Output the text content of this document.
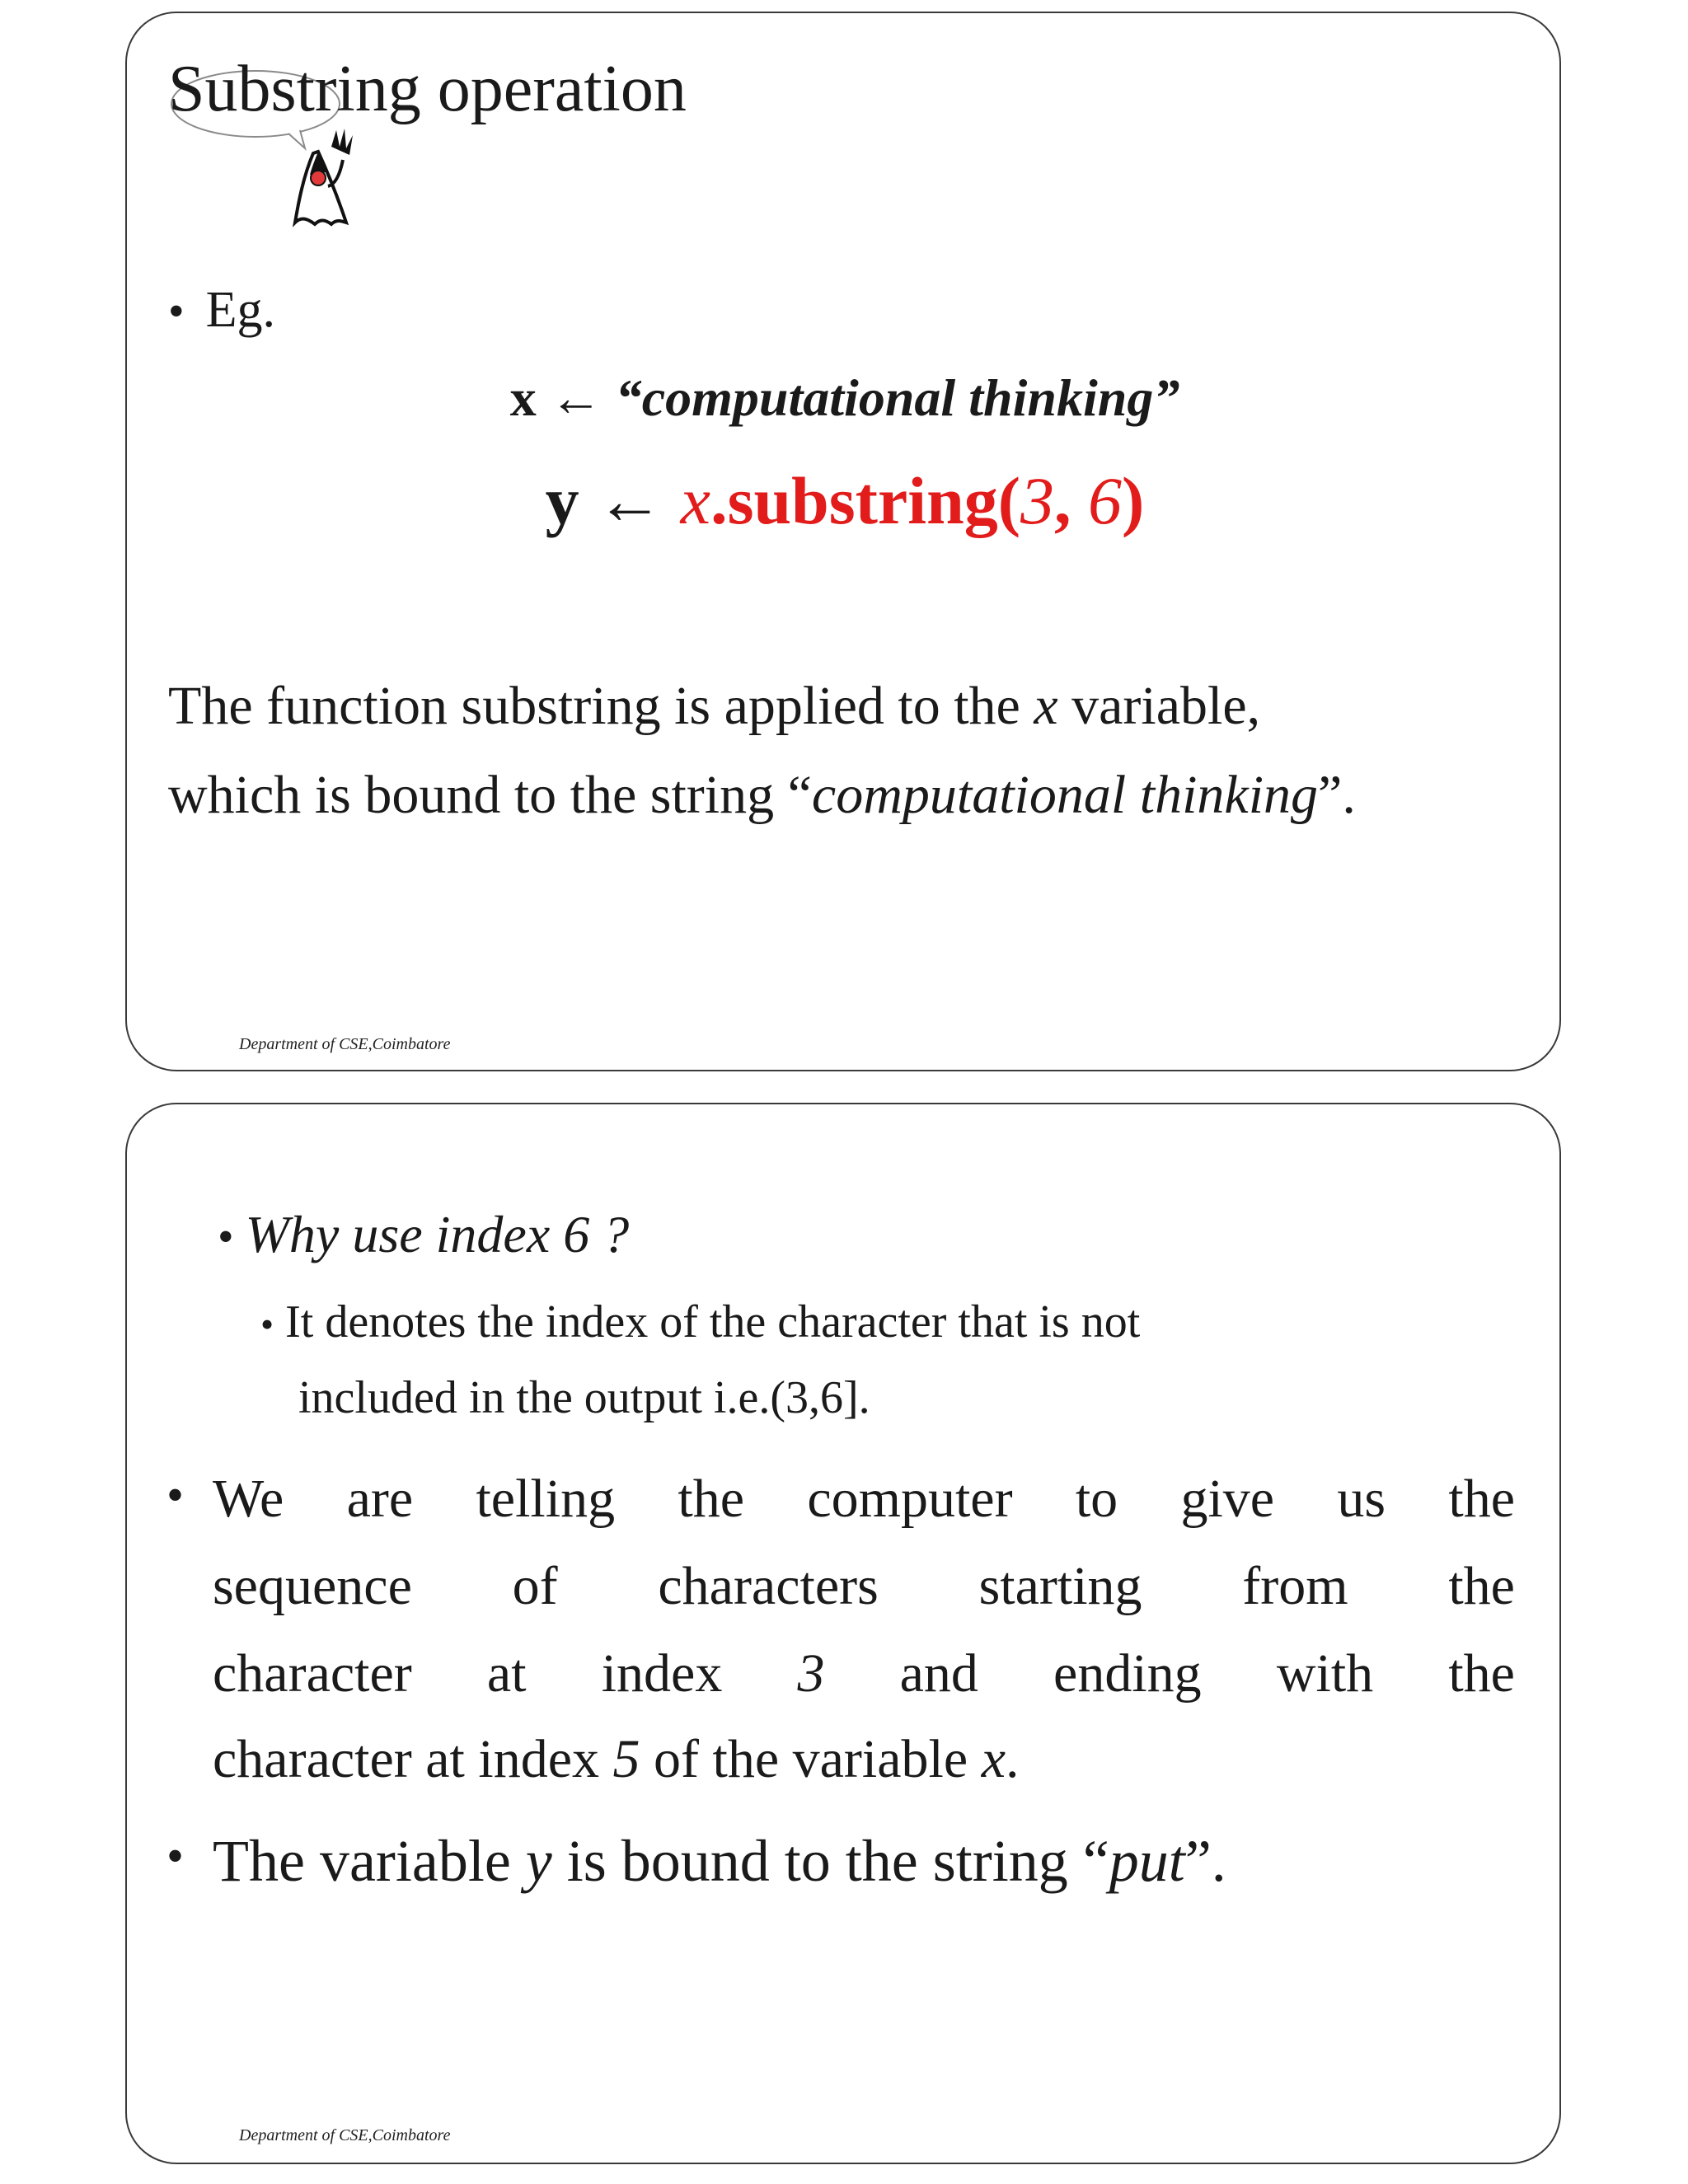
Substring operation
• Eg.
x ← “computational thinking”
y ← x.substring(3, 6)
The function substring is applied to the x variable,
which is bound to the string “computational thinking”.
Department of CSE,Coimbatore
• Why use index 6 ?
• It denotes the index of the character that is not
included in the output i.e.(3,6].
• We are telling the computer to give us the
sequence of characters starting from the
character at index 3 and ending with the
character at index 5 of the variable x.
• The variable y is bound to the string “put”.
Department of CSE,Coimbatore
